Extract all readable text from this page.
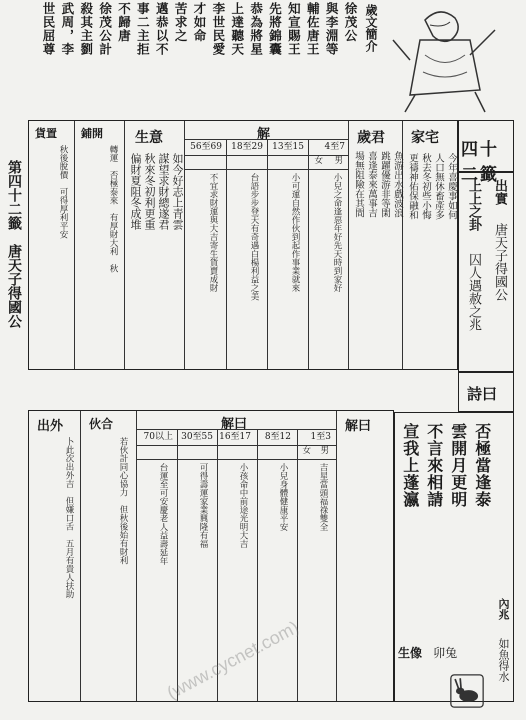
四十二籤
出實
唐天子得國公
上上之卦
囚人遇赦之兆
詩曰
宣我上蓬瀛 不言來相請 雲開月更明 否極當逢泰
內兆
如魚得水
生像 卯兔
家宅
今年喜慶事如何
人口無休畜產多
秋去冬初些小悔
更禱神佑保融和
歲君
魚游出水戲波浪
跳躍優游非等閑
喜逢泰來萬事吉
場無阻險在其間
解
4至7
13至15
18至29
56至69
男
女
小兒之命逢惡年好先天時到家好
小可運自然作伙到起作事業就來
台語步步登天有奇遇白楊利益之美
不宜求財運與大吉寄生貨賣成財
生意
如今好志上青雲
謀望求財總遂君
秋來冬初利更重
偏財夏阻冬成堆
鋪開
轉運　否極泰來　有厚財大利　秋
貨置
秋後脫價　可得厚利平安
解曰
解曰
1至3
8至12
16至17
30至55
70以上
男
女
吉星當頭福祿雙全
小兒身體健康平安
小孩命中前途光明大吉
可得壽運家業興隆有福
台運至可安慶老人益壽延年
伙合
若伙計同心協力　但秋後始有財利
出外
卜此次出外吉　但嫌口舌　五月有貴人扶助
第四十二籤　唐天子得國公
歲文簡介
徐茂公
與李淵等
輔佐唐王
知宣賜王
先將錦囊
恭為將星
上達聽天
李世民愛
才如命
苦求之
邁恭以不
事二主拒
不歸唐
徐茂公計
殺其主劉
武周，李
世民屈尊
(www.cycnet.com)
